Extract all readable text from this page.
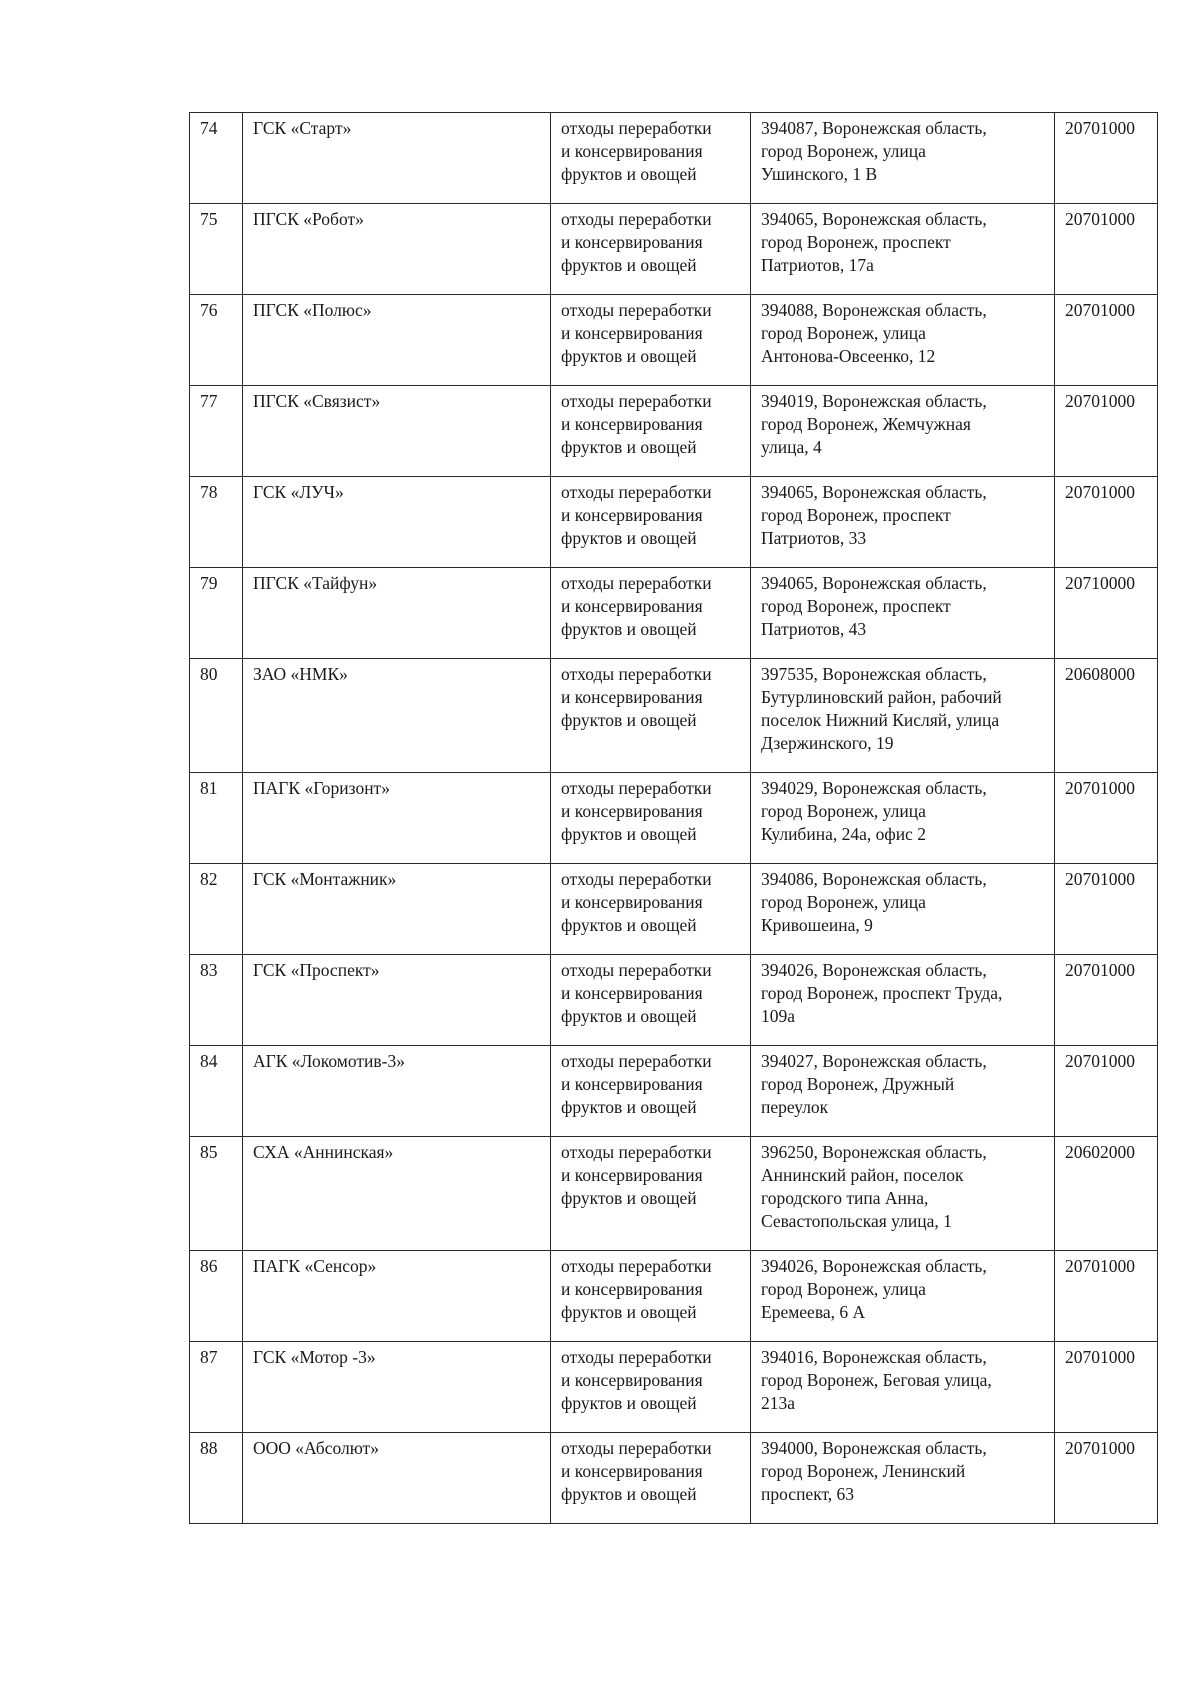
74	ГСК «Старт»	отходы переработки
и консервирования
фруктов и овощей	394087, Воронежская область,
город Воронеж, улица
Ушинского, 1 В	20701000
75	ПГСК «Робот»	отходы переработки
и консервирования
фруктов и овощей	394065, Воронежская область,
город Воронеж, проспект
Патриотов, 17а	20701000
76	ПГСК «Полюс»	отходы переработки
и консервирования
фруктов и овощей	394088, Воронежская область,
город Воронеж, улица
Антонова-Овсеенко, 12	20701000
77	ПГСК «Связист»	отходы переработки
и консервирования
фруктов и овощей	394019, Воронежская область,
город Воронеж, Жемчужная
улица, 4	20701000
78	ГСК «ЛУЧ»	отходы переработки
и консервирования
фруктов и овощей	394065, Воронежская область,
город Воронеж, проспект
Патриотов, 33	20701000
79	ПГСК «Тайфун»	отходы переработки
и консервирования
фруктов и овощей	394065, Воронежская область,
город Воронеж, проспект
Патриотов, 43	20710000
80	ЗАО «НМК»	отходы переработки
и консервирования
фруктов и овощей	397535, Воронежская область,
Бутурлиновский район, рабочий
поселок Нижний Кисляй, улица
Дзержинского, 19	20608000
81	ПАГК «Горизонт»	отходы переработки
и консервирования
фруктов и овощей	394029, Воронежская область,
город Воронеж, улица
Кулибина, 24а, офис 2	20701000
82	ГСК «Монтажник»	отходы переработки
и консервирования
фруктов и овощей	394086, Воронежская область,
город Воронеж, улица
Кривошеина, 9	20701000
83	ГСК «Проспект»	отходы переработки
и консервирования
фруктов и овощей	394026, Воронежская область,
город Воронеж, проспект Труда,
109а	20701000
84	АГК «Локомотив-3»	отходы переработки
и консервирования
фруктов и овощей	394027, Воронежская область,
город Воронеж, Дружный
переулок	20701000
85	СХА «Аннинская»	отходы переработки
и консервирования
фруктов и овощей	396250, Воронежская область,
Аннинский район, поселок
городского типа Анна,
Севастопольская улица, 1	20602000
86	ПАГК «Сенсор»	отходы переработки
и консервирования
фруктов и овощей	394026, Воронежская область,
город Воронеж, улица
Еремеева, 6 А	20701000
87	ГСК «Мотор -3»	отходы переработки
и консервирования
фруктов и овощей	394016, Воронежская область,
город Воронеж, Беговая улица,
213а	20701000
88	ООО «Абсолют»	отходы переработки
и консервирования
фруктов и овощей	394000, Воронежская область,
город Воронеж, Ленинский
проспект, 63	20701000
